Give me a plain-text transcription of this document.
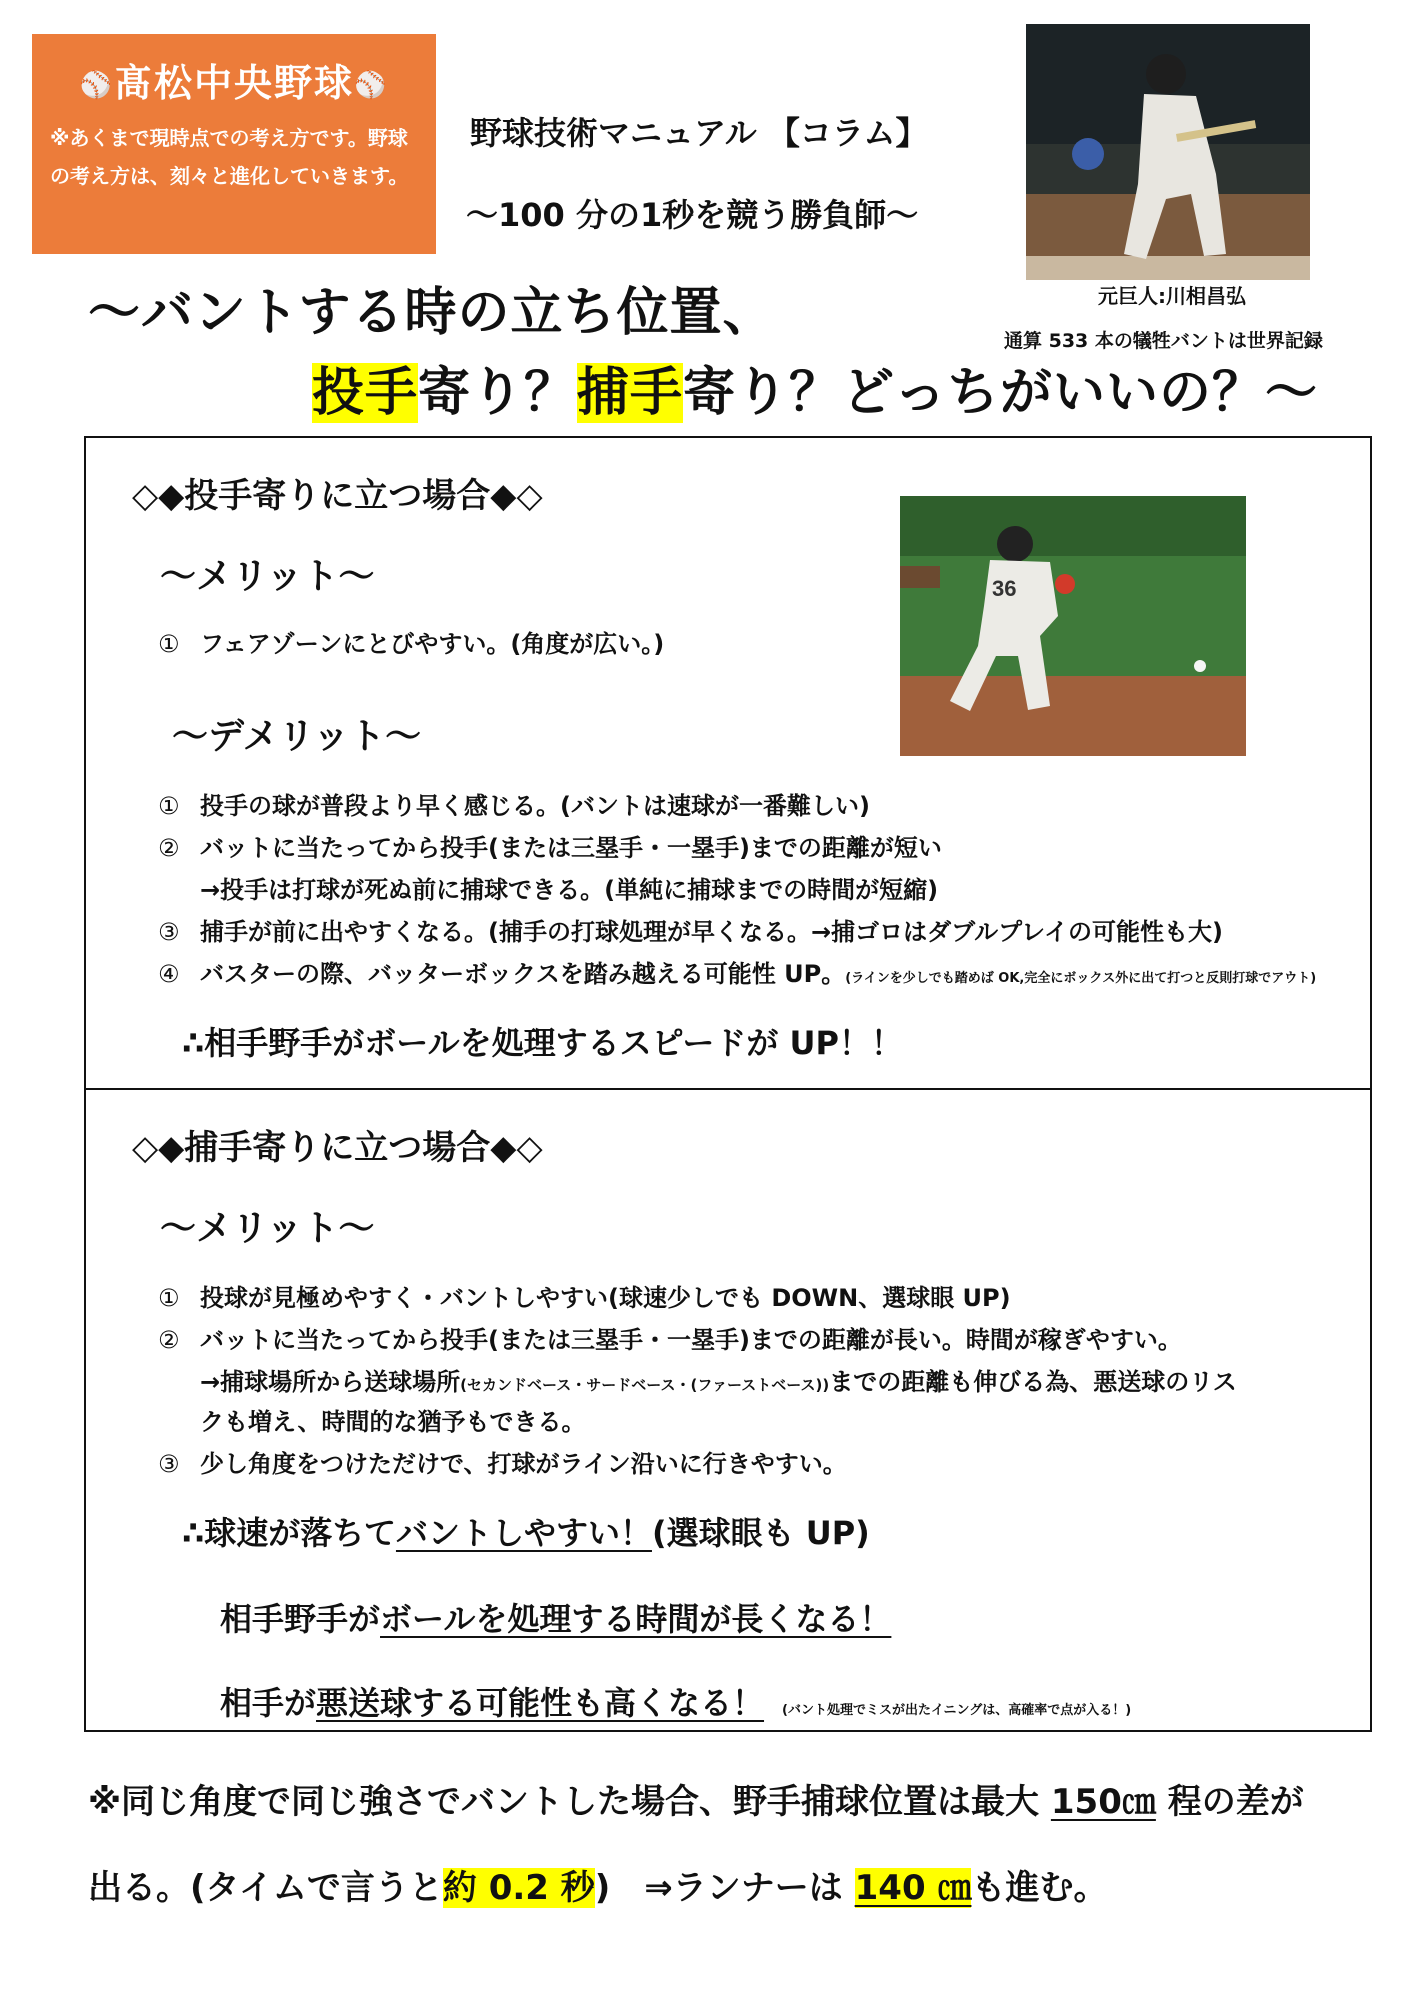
⚾髙松中央野球⚾
※あくまで現時点での考え方です。野球の考え方は、刻々と進化していきます。
野球技術マニュアル 【コラム】
～100 分の1秒を競う勝負師～
元巨人:川相昌弘
通算 533 本の犠牲バントは世界記録
～バントする時の立ち位置、
投手寄り？捕手寄り？どっちがいいの？～
◇◆投手寄りに立つ場合◆◇
～メリット～
① フェアゾーンにとびやすい。(角度が広い。)
～デメリット～
① 投手の球が普段より早く感じる。(バントは速球が一番難しい)
② バットに当たってから投手(または三塁手・一塁手)までの距離が短い
→投手は打球が死ぬ前に捕球できる。(単純に捕球までの時間が短縮)
③ 捕手が前に出やすくなる。(捕手の打球処理が早くなる。→捕ゴロはダブルプレイの可能性も大)
④ バスターの際、バッターボックスを踏み越える可能性 UP。(ラインを少しでも踏めば OK,完全にボックス外に出て打つと反則打球でアウト)
∴相手野手がボールを処理するスピードが UP！！
36
◇◆捕手寄りに立つ場合◆◇
～メリット～
① 投球が見極めやすく・バントしやすい(球速少しでも DOWN、選球眼 UP)
② バットに当たってから投手(または三塁手・一塁手)までの距離が長い。時間が稼ぎやすい。
→捕球場所から送球場所(セカンドベース・サードベース・(ファーストベース))までの距離も伸びる為、悪送球のリス
クも増え、時間的な猶予もできる。
③ 少し角度をつけただけで、打球がライン沿いに行きやすい。
∴球速が落ちてバントしやすい！(選球眼も UP)
相手野手がボールを処理する時間が長くなる！
相手が悪送球する可能性も高くなる！ (バント処理でミスが出たイニングは、高確率で点が入る！)
※同じ角度で同じ強さでバントした場合、野手捕球位置は最大 150㎝ 程の差が
出る。(タイムで言うと約 0.2 秒)　⇒ランナーは 140 ㎝も進む。
